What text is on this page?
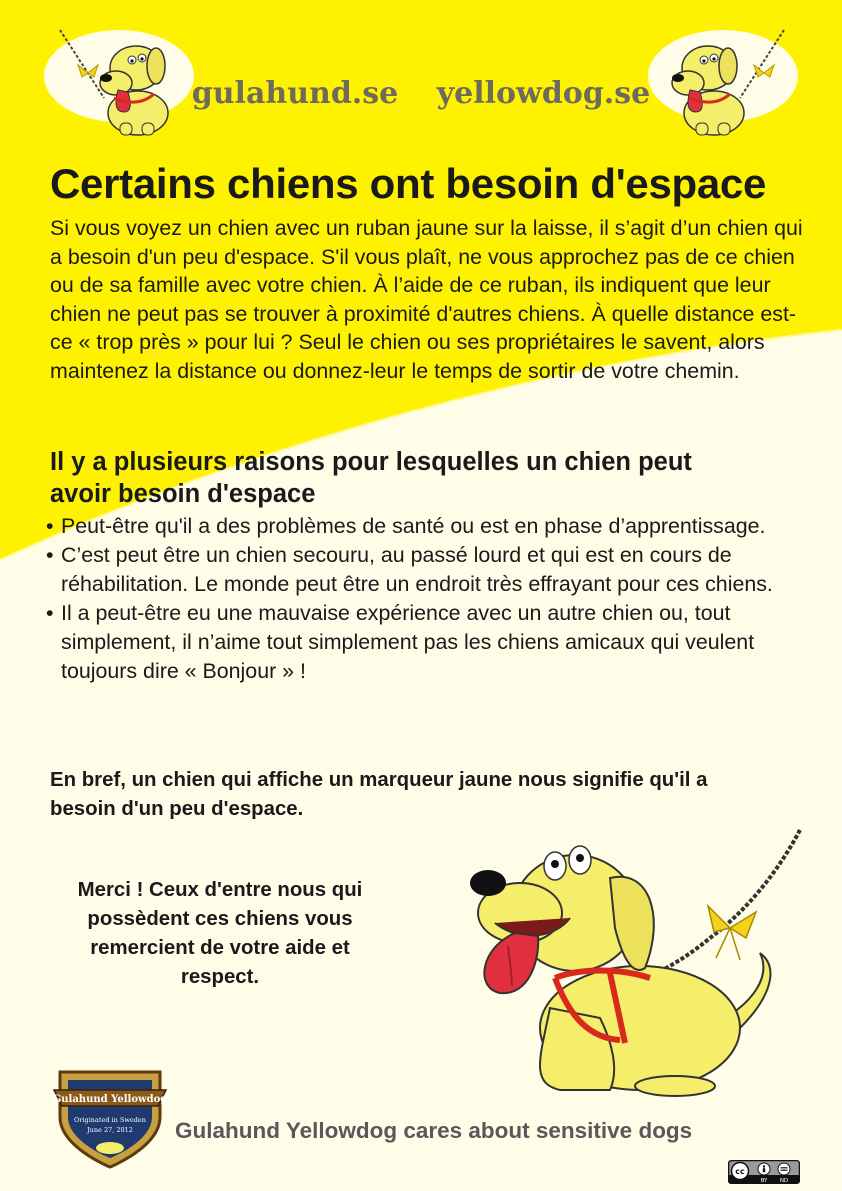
gulahund.se yellowdog.se
Certains chiens ont besoin d'espace

Si vous voyez un chien avec un ruban jaune sur la laisse, il s’agit d’un chien qui a besoin d'un peu d'espace. S'il vous plaît, ne vous approchez pas de ce chien ou de sa famille avec votre chien. À l’aide de ce ruban, ils indiquent que leur chien ne peut pas se trouver à proximité d'autres chiens. À quelle distance est-ce « trop près » pour lui ? Seul le chien ou ses propriétaires le savent, alors maintenez la distance ou donnez-leur le temps de sortir de votre chemin.

Il y a plusieurs raisons pour lesquelles un chien peut avoir besoin d'espace
• Peut-être qu'il a des problèmes de santé ou est en phase d’apprentissage.
• C’est peut être un chien secouru, au passé lourd et qui est en cours de réhabilitation. Le monde peut être un endroit très effrayant pour ces chiens.
• Il a peut-être eu une mauvaise expérience avec un autre chien ou, tout simplement, il n’aime tout simplement pas les chiens amicaux qui veulent toujours dire « Bonjour » !

En bref, un chien qui affiche un marqueur jaune nous signifie qu'il a besoin d'un peu d'espace.

Merci ! Ceux d'entre nous qui possèdent ces chiens vous remercient de votre aide et respect.

Gulahund Yellowdog
Originated in Sweden
June 27, 2012 Gulahund Yellowdog cares about sensitive dogs

cc
BY ND
